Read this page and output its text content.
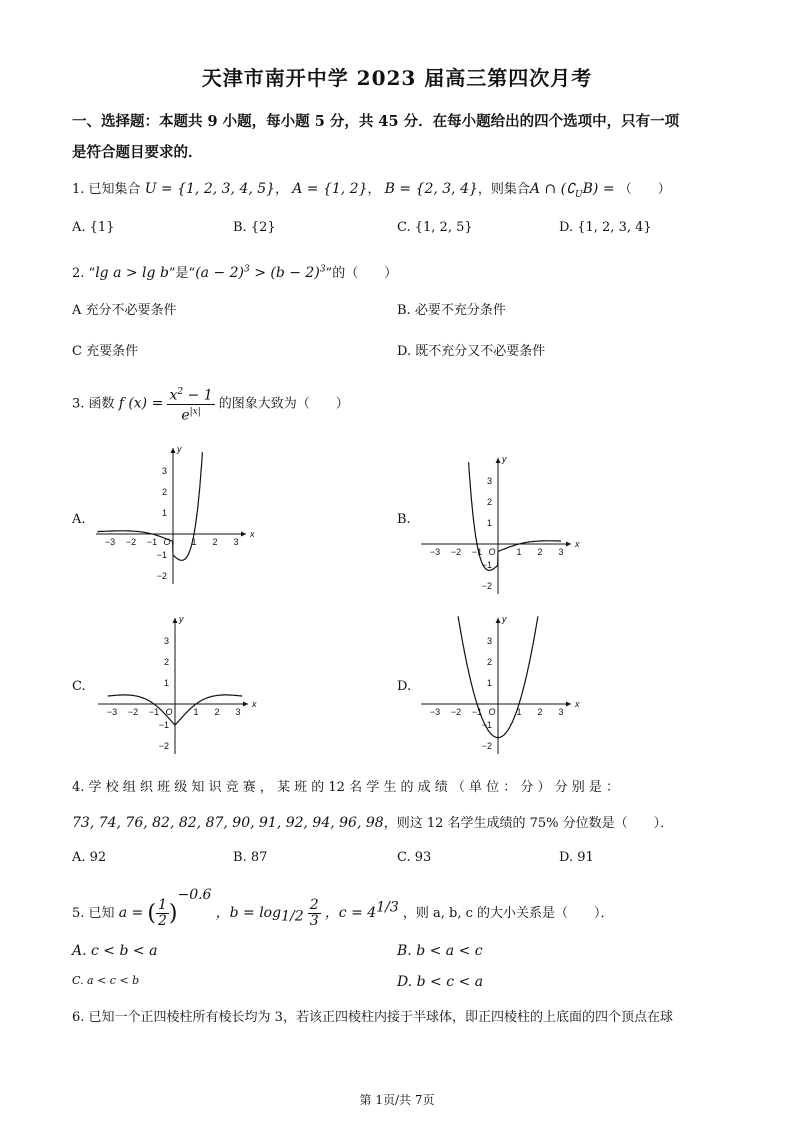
天津市南开中学 2023 届高三第四次月考
一、选择题：本题共 9 小题，每小题 5 分，共 45 分．在每小题给出的四个选项中，只有一项
是符合题目要求的．
1. 已知集合 U = {1, 2, 3, 4, 5}， A = {1, 2}， B = {2, 3, 4}，则集合A ∩ $(∁_UB)$ = （　　）
A. {1}	B. {2}	C. {1, 2, 5}	D. {1, 2, 3, 4}
2. “lg a > lg b”是“$(a - 2)^3 > (b - 2)^3$”的（　　）
A 充分不必要条件	B. 必要不充分条件
C 充要条件	D. 既不充分又不必要条件
3. 函数 f $(x) = \frac{x^2 - 1}{e^{|x|}}$ 的图象大致为（　　）
A.	B.
C.	D.
x
y
O
−3 −2 −1	1 2 3
3
2
1
−1
−2
x
y
O
−3 −2 −1	1 2 3
3
2
1
−1
−2
x
y
O
−3 −2 −1	1 2 3
3
2
1
−1
−2
x
y
O
−3 −2 −1	1 2 3
3
2
1
−1
−2
4. 学 校 组 织 班 级 知 识 竞 赛 ， 某 班 的 12 名 学 生 的 成 绩 （ 单 位 ： 分 ） 分 别 是 ：
73, 74, 76, 82, 82, 87, 90, 91, 92, 94, 96, 98，则这 12 名学生成绩的 75% 分位数是（　　）．
A. 92	B. 87	C. 93	D. 91
5. 已知 a = ( $\frac{1}{2} )^{-0.6}$ ，$b = \log_{1/2} \frac{2}{3}$ ，$c = 4^{1/3}$ ，则 a, b, c 的大小关系是（　　）．
A. c < b < a	B. b < a < c
C. a < c < b	D. b < c < a
6. 已知一个正四棱柱所有棱长均为 3，若该正四棱柱内接于半球体，即正四棱柱的上底面的四个顶点在球
第 1页/共 7页
